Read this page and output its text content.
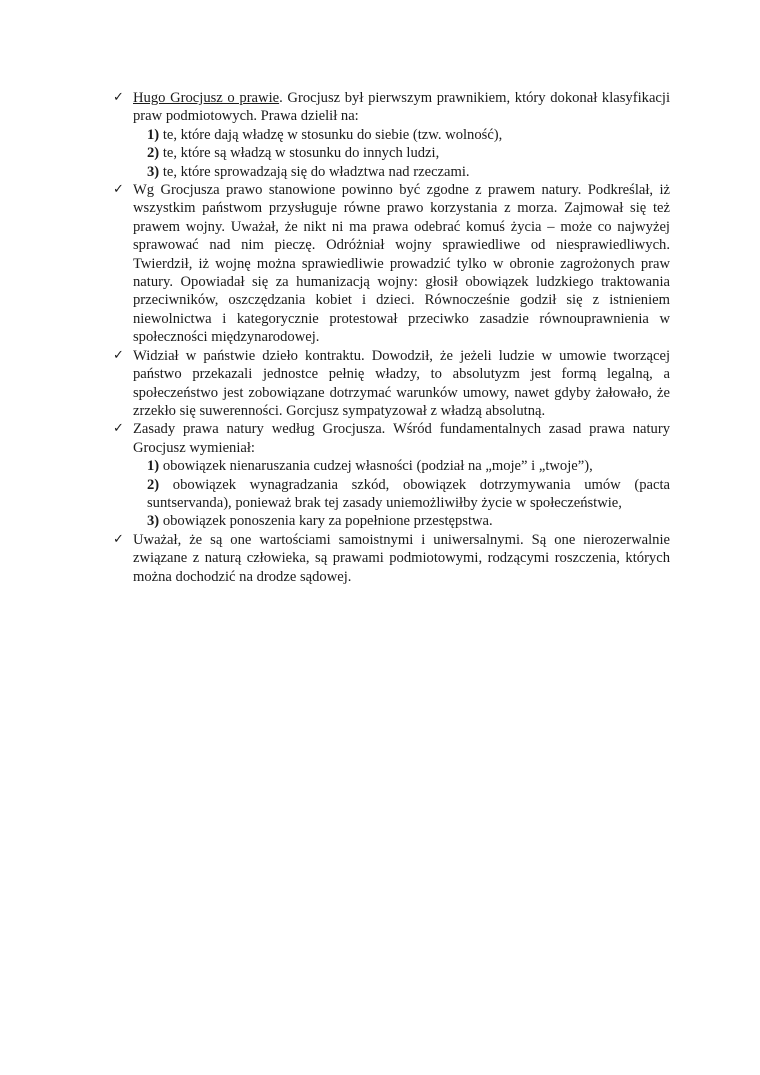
✓ Hugo Grocjusz o prawie. Grocjusz był pierwszym prawnikiem, który dokonał klasyfikacji praw podmiotowych. Prawa dzielił na:
1) te, które dają władzę w stosunku do siebie (tzw. wolność),
2) te, które są władzą w stosunku do innych ludzi,
3) te, które sprowadzają się do władztwa nad rzeczami.
✓ Wg Grocjusza prawo stanowione powinno być zgodne z prawem natury. Podkreślał, iż wszystkim państwom przysługuje równe prawo korzystania z morza. Zajmował się też prawem wojny. Uważał, że nikt ni ma prawa odebrać komuś życia – może co najwyżej sprawować nad nim pieczę. Odróżniał wojny sprawiedliwe od niesprawiedliwych. Twierdził, iż wojnę można sprawiedliwie prowadzić tylko w obronie zagrożonych praw natury. Opowiadał się za humanizacją wojny: głosił obowiązek ludzkiego traktowania przeciwników, oszczędzania kobiet i dzieci. Równocześnie godził się z istnieniem niewolnictwa i kategorycznie protestował przeciwko zasadzie równouprawnienia w społeczności międzynarodowej.
✓ Widział w państwie dzieło kontraktu. Dowodził, że jeżeli ludzie w umowie tworzącej państwo przekazali jednostce pełnię władzy, to absolutyzm jest formą legalną, a społeczeństwo jest zobowiązane dotrzymać warunków umowy, nawet gdyby żałowało, że zrzekło się suwerenności. Gorcjusz sympatyzował z władzą absolutną.
✓ Zasady prawa natury według Grocjusza. Wśród fundamentalnych zasad prawa natury Grocjusz wymieniał:
1) obowiązek nienaruszania cudzej własności (podział na „moje” i „twoje”),
2) obowiązek wynagradzania szkód, obowiązek dotrzymywania umów (pacta suntservanda), ponieważ brak tej zasady uniemożliwiłby życie w społeczeństwie,
3) obowiązek ponoszenia kary za popełnione przestępstwa.
✓ Uważał, że są one wartościami samoistnymi i uniwersalnymi. Są one nierozerwalnie związane z naturą człowieka, są prawami podmiotowymi, rodzącymi roszczenia, których można dochodzić na drodze sądowej.
